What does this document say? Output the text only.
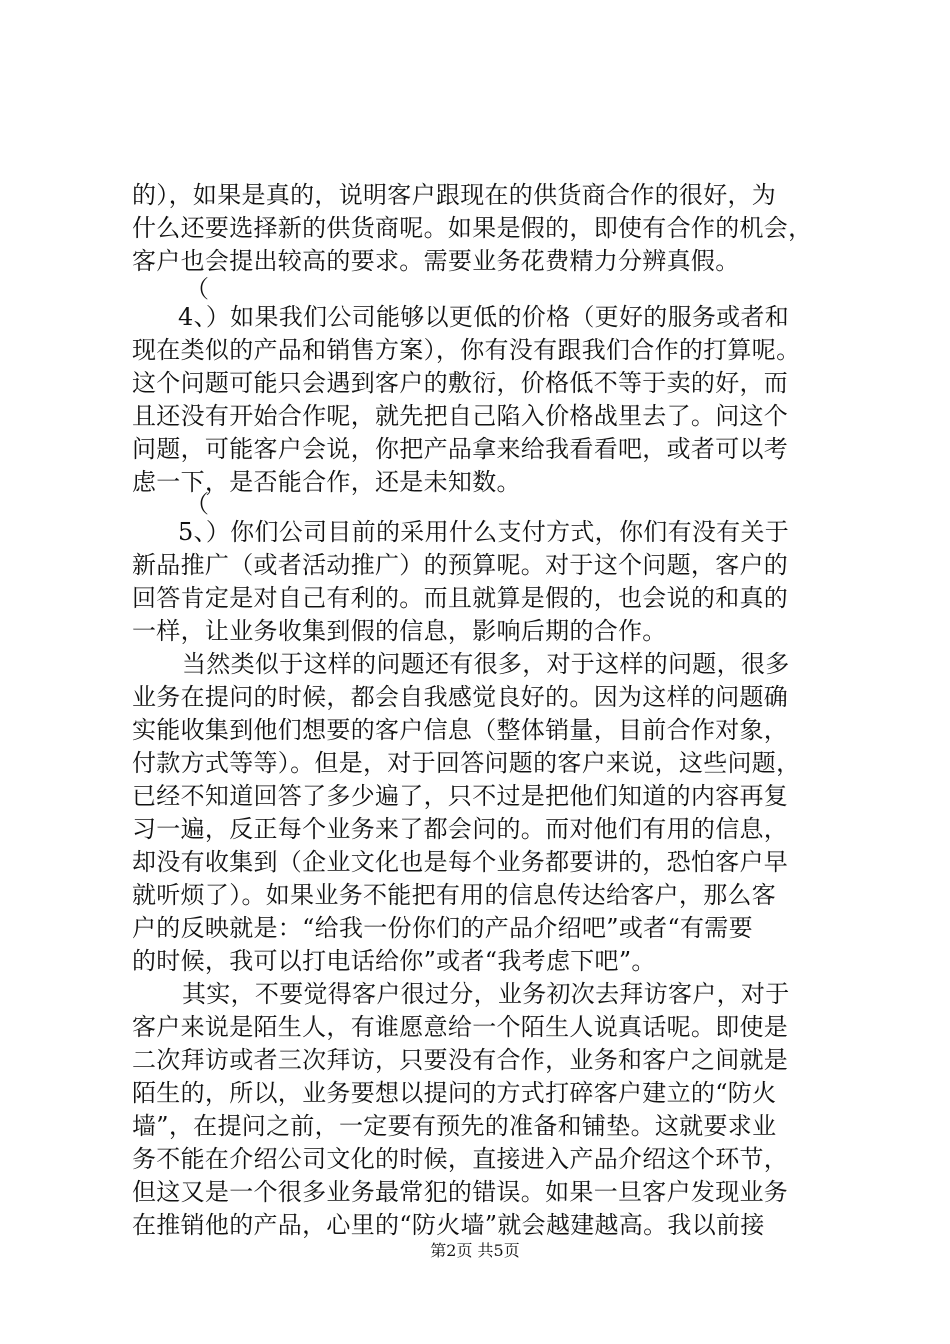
的），如果是真的，说明客户跟现在的供货商合作的很好，为
什么还要选择新的供货商呢。如果是假的，即使有合作的机会，
客户也会提出较高的要求。需要业务花费精力分辨真假。
（
4、）如果我们公司能够以更低的价格（更好的服务或者和
现在类似的产品和销售方案），你有没有跟我们合作的打算呢。
这个问题可能只会遇到客户的敷衍，价格低不等于卖的好，而
且还没有开始合作呢，就先把自己陷入价格战里去了。问这个
问题，可能客户会说，你把产品拿来给我看看吧，或者可以考
虑一下，是否能合作，还是未知数。
（
5、）你们公司目前的采用什么支付方式，你们有没有关于
新品推广（或者活动推广）的预算呢。对于这个问题，客户的
回答肯定是对自己有利的。而且就算是假的，也会说的和真的
一样，让业务收集到假的信息，影响后期的合作。
当然类似于这样的问题还有很多，对于这样的问题，很多
业务在提问的时候，都会自我感觉良好的。因为这样的问题确
实能收集到他们想要的客户信息（整体销量，目前合作对象，
付款方式等等）。但是，对于回答问题的客户来说，这些问题，
已经不知道回答了多少遍了，只不过是把他们知道的内容再复
习一遍，反正每个业务来了都会问的。而对他们有用的信息，
却没有收集到（企业文化也是每个业务都要讲的，恐怕客户早
就听烦了）。如果业务不能把有用的信息传达给客户，那么客
户的反映就是：“给我一份你们的产品介绍吧”或者“有需要
的时候，我可以打电话给你”或者“我考虑下吧”。
其实，不要觉得客户很过分，业务初次去拜访客户，对于
客户来说是陌生人，有谁愿意给一个陌生人说真话呢。即使是
二次拜访或者三次拜访，只要没有合作，业务和客户之间就是
陌生的，所以，业务要想以提问的方式打碎客户建立的“防火
墙”，在提问之前，一定要有预先的准备和铺垫。这就要求业
务不能在介绍公司文化的时候，直接进入产品介绍这个环节，
但这又是一个很多业务最常犯的错误。如果一旦客户发现业务
在推销他的产品，心里的“防火墙”就会越建越高。我以前接
第2页 共5页
